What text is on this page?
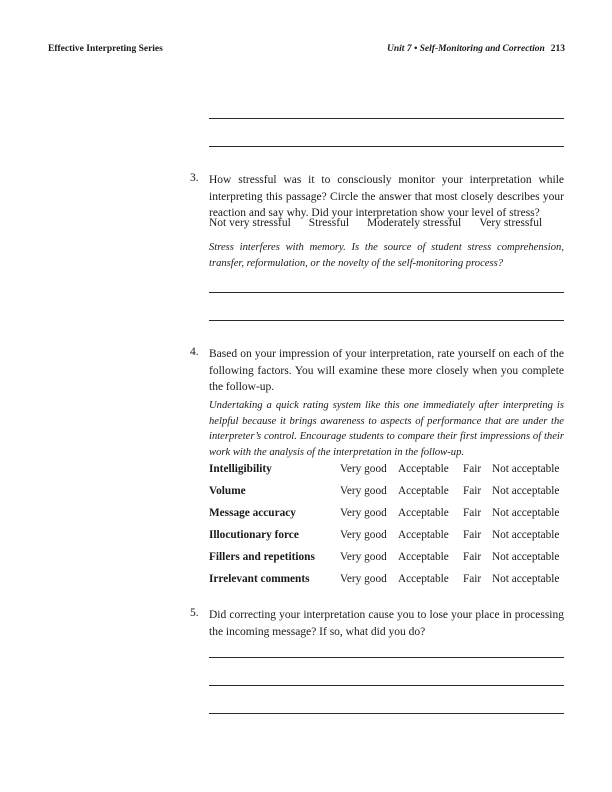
Effective Interpreting Series	Unit 7 • Self-Monitoring and Correction 213
3. How stressful was it to consciously monitor your interpretation while interpreting this passage? Circle the answer that most closely describes your reaction and say why. Did your interpretation show your level of stress?
Not very stressful Stressful Moderately stressful Very stressful
Stress interferes with memory. Is the source of student stress comprehension, transfer, reformulation, or the novelty of the self-monitoring process?
4. Based on your impression of your interpretation, rate yourself on each of the following factors. You will examine these more closely when you complete the follow-up.
Undertaking a quick rating system like this one immediately after interpreting is helpful because it brings awareness to aspects of performance that are under the interpreter’s control. Encourage students to compare their first impressions of their work with the analysis of the interpretation in the follow-up.
Intelligibility	Very good	Acceptable	Fair	Not acceptable
Volume	Very good	Acceptable	Fair	Not acceptable
Message accuracy	Very good	Acceptable	Fair	Not acceptable
Illocutionary force	Very good	Acceptable	Fair	Not acceptable
Fillers and repetitions	Very good	Acceptable	Fair	Not acceptable
Irrelevant comments	Very good	Acceptable	Fair	Not acceptable
5. Did correcting your interpretation cause you to lose your place in processing the incoming message? If so, what did you do?
